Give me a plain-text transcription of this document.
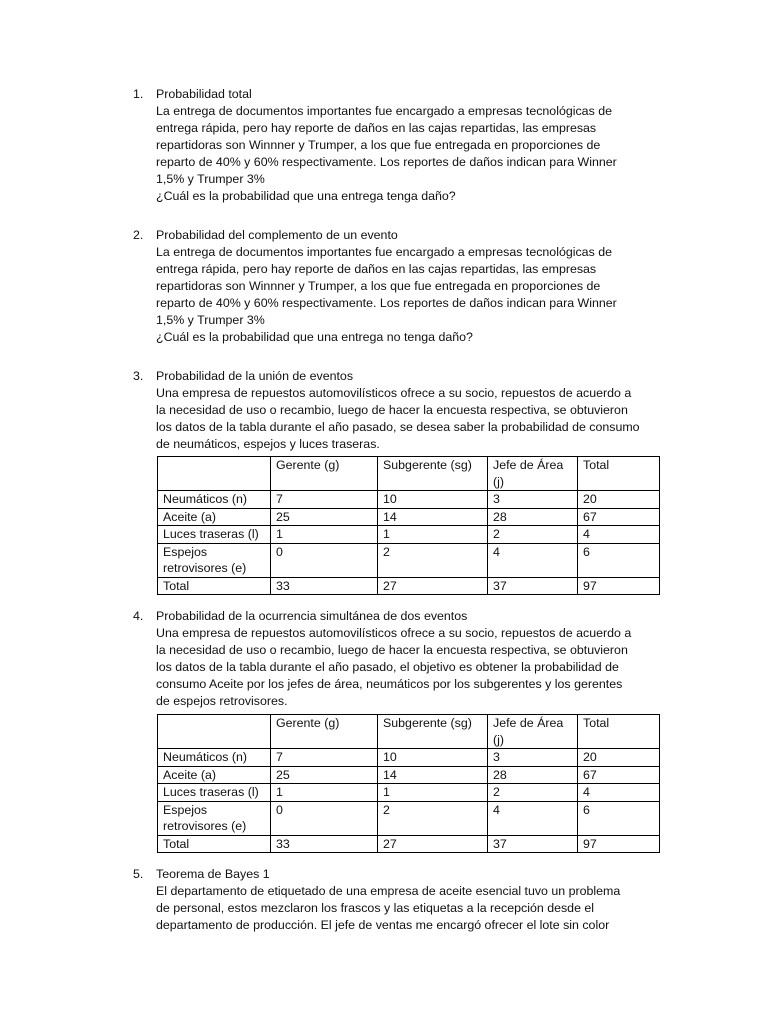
1.	Probabilidad total

La entrega de documentos importantes fue encargado a empresas tecnológicas de
entrega rápida, pero hay reporte de daños en las cajas repartidas, las empresas
repartidoras son Winnner y Trumper, a los que fue entregada en proporciones de
reparto de 40% y 60% respectivamente. Los reportes de daños indican para Winner
1,5% y Trumper 3%

¿Cuál es la probabilidad que una entrega tenga daño?

2.	Probabilidad del complemento de un evento

La entrega de documentos importantes fue encargado a empresas tecnológicas de
entrega rápida, pero hay reporte de daños en las cajas repartidas, las empresas
repartidoras son Winnner y Trumper, a los que fue entregada en proporciones de
reparto de 40% y 60% respectivamente. Los reportes de daños indican para Winner
1,5% y Trumper 3%

¿Cuál es la probabilidad que una entrega no tenga daño?

3.	Probabilidad de la unión de eventos

Una empresa de repuestos automovilísticos ofrece a su socio, repuestos de acuerdo a
la necesidad de uso o recambio, luego de hacer la encuesta respectiva, se obtuvieron
los datos de la tabla durante el año pasado, se desea saber la probabilidad de consumo
de neumáticos, espejos y luces traseras.

	Gerente (g)	Subgerente (sg)	Jefe de Área
(j)	Total
Neumáticos (n)	7	10	3	20
Aceite (a)	25	14	28	67
Luces traseras (l)	1	1	2	4
Espejos
retrovisores (e)	0	2	4	6
Total	33	27	37	97
4.	Probabilidad de la ocurrencia simultánea de dos eventos

Una empresa de repuestos automovilísticos ofrece a su socio, repuestos de acuerdo a
la necesidad de uso o recambio, luego de hacer la encuesta respectiva, se obtuvieron
los datos de la tabla durante el año pasado, el objetivo es obtener la probabilidad de
consumo Aceite por los jefes de área, neumáticos por los subgerentes y los gerentes
de espejos retrovisores.

	Gerente (g)	Subgerente (sg)	Jefe de Área
(j)	Total
Neumáticos (n)	7	10	3	20
Aceite (a)	25	14	28	67
Luces traseras (l)	1	1	2	4
Espejos
retrovisores (e)	0	2	4	6
Total	33	27	37	97
5.	Teorema de Bayes 1

El departamento de etiquetado de una empresa de aceite esencial tuvo un problema
de personal, estos mezclaron los frascos y las etiquetas a la recepción desde el
departamento de producción. El jefe de ventas me encargó ofrecer el lote sin color
